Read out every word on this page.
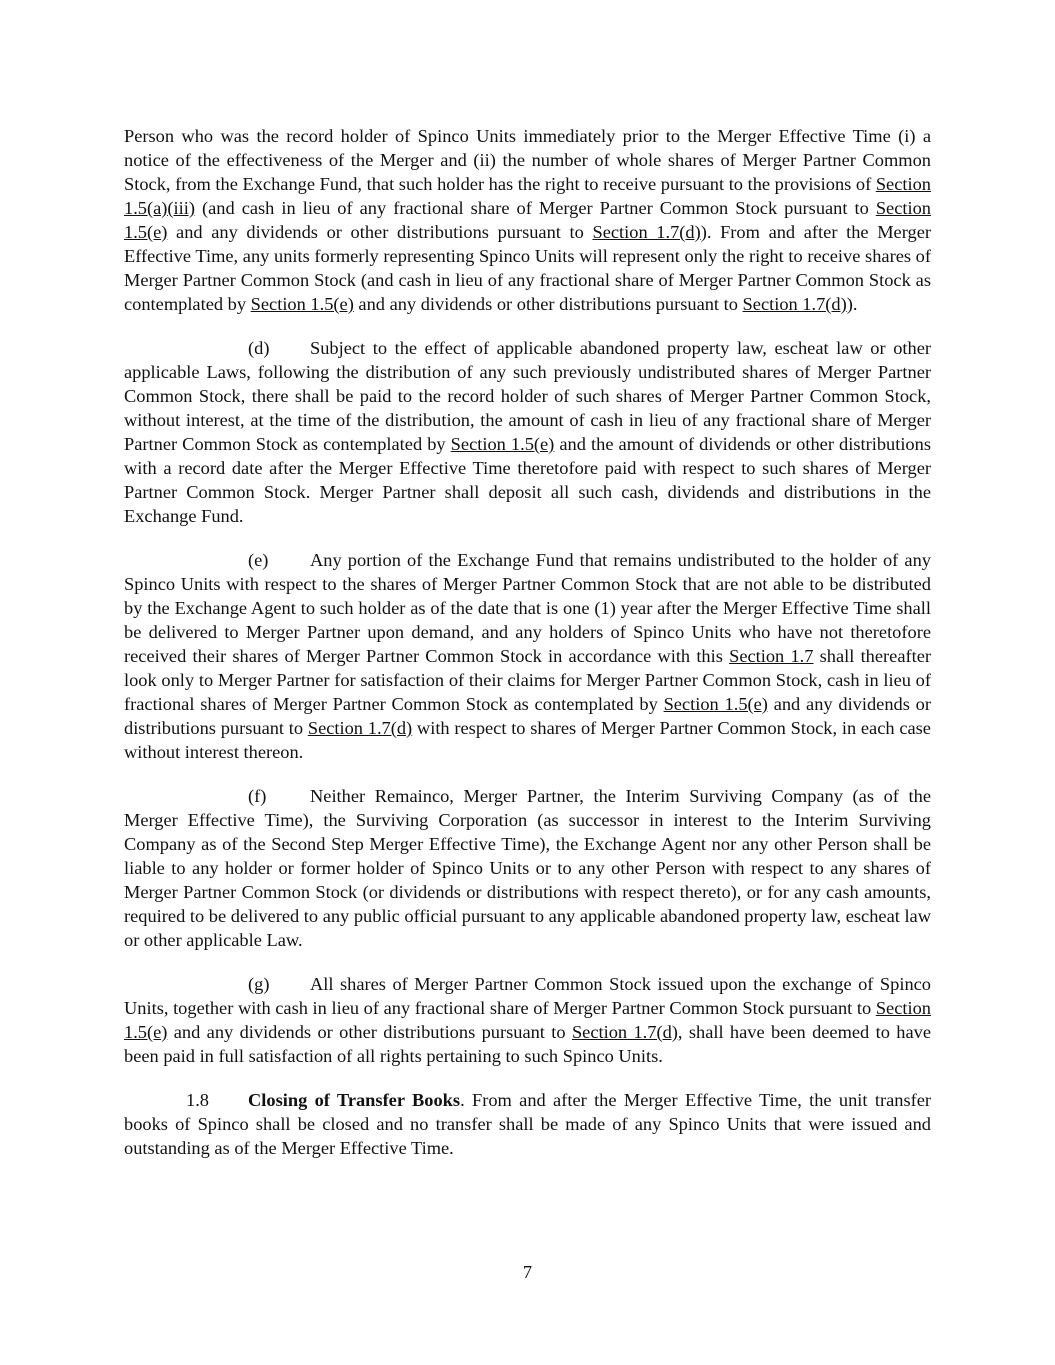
Person who was the record holder of Spinco Units immediately prior to the Merger Effective Time (i) a notice of the effectiveness of the Merger and (ii) the number of whole shares of Merger Partner Common Stock, from the Exchange Fund, that such holder has the right to receive pursuant to the provisions of Section 1.5(a)(iii) (and cash in lieu of any fractional share of Merger Partner Common Stock pursuant to Section 1.5(e) and any dividends or other distributions pursuant to Section 1.7(d)). From and after the Merger Effective Time, any units formerly representing Spinco Units will represent only the right to receive shares of Merger Partner Common Stock (and cash in lieu of any fractional share of Merger Partner Common Stock as contemplated by Section 1.5(e) and any dividends or other distributions pursuant to Section 1.7(d)).

(d) Subject to the effect of applicable abandoned property law, escheat law or other applicable Laws, following the distribution of any such previously undistributed shares of Merger Partner Common Stock, there shall be paid to the record holder of such shares of Merger Partner Common Stock, without interest, at the time of the distribution, the amount of cash in lieu of any fractional share of Merger Partner Common Stock as contemplated by Section 1.5(e) and the amount of dividends or other distributions with a record date after the Merger Effective Time theretofore paid with respect to such shares of Merger Partner Common Stock. Merger Partner shall deposit all such cash, dividends and distributions in the Exchange Fund.

(e) Any portion of the Exchange Fund that remains undistributed to the holder of any Spinco Units with respect to the shares of Merger Partner Common Stock that are not able to be distributed by the Exchange Agent to such holder as of the date that is one (1) year after the Merger Effective Time shall be delivered to Merger Partner upon demand, and any holders of Spinco Units who have not theretofore received their shares of Merger Partner Common Stock in accordance with this Section 1.7 shall thereafter look only to Merger Partner for satisfaction of their claims for Merger Partner Common Stock, cash in lieu of fractional shares of Merger Partner Common Stock as contemplated by Section 1.5(e) and any dividends or distributions pursuant to Section 1.7(d) with respect to shares of Merger Partner Common Stock, in each case without interest thereon.

(f) Neither Remainco, Merger Partner, the Interim Surviving Company (as of the Merger Effective Time), the Surviving Corporation (as successor in interest to the Interim Surviving Company as of the Second Step Merger Effective Time), the Exchange Agent nor any other Person shall be liable to any holder or former holder of Spinco Units or to any other Person with respect to any shares of Merger Partner Common Stock (or dividends or distributions with respect thereto), or for any cash amounts, required to be delivered to any public official pursuant to any applicable abandoned property law, escheat law or other applicable Law.

(g) All shares of Merger Partner Common Stock issued upon the exchange of Spinco Units, together with cash in lieu of any fractional share of Merger Partner Common Stock pursuant to Section 1.5(e) and any dividends or other distributions pursuant to Section 1.7(d), shall have been deemed to have been paid in full satisfaction of all rights pertaining to such Spinco Units.

1.8 Closing of Transfer Books. From and after the Merger Effective Time, the unit transfer books of Spinco shall be closed and no transfer shall be made of any Spinco Units that were issued and outstanding as of the Merger Effective Time.

7
